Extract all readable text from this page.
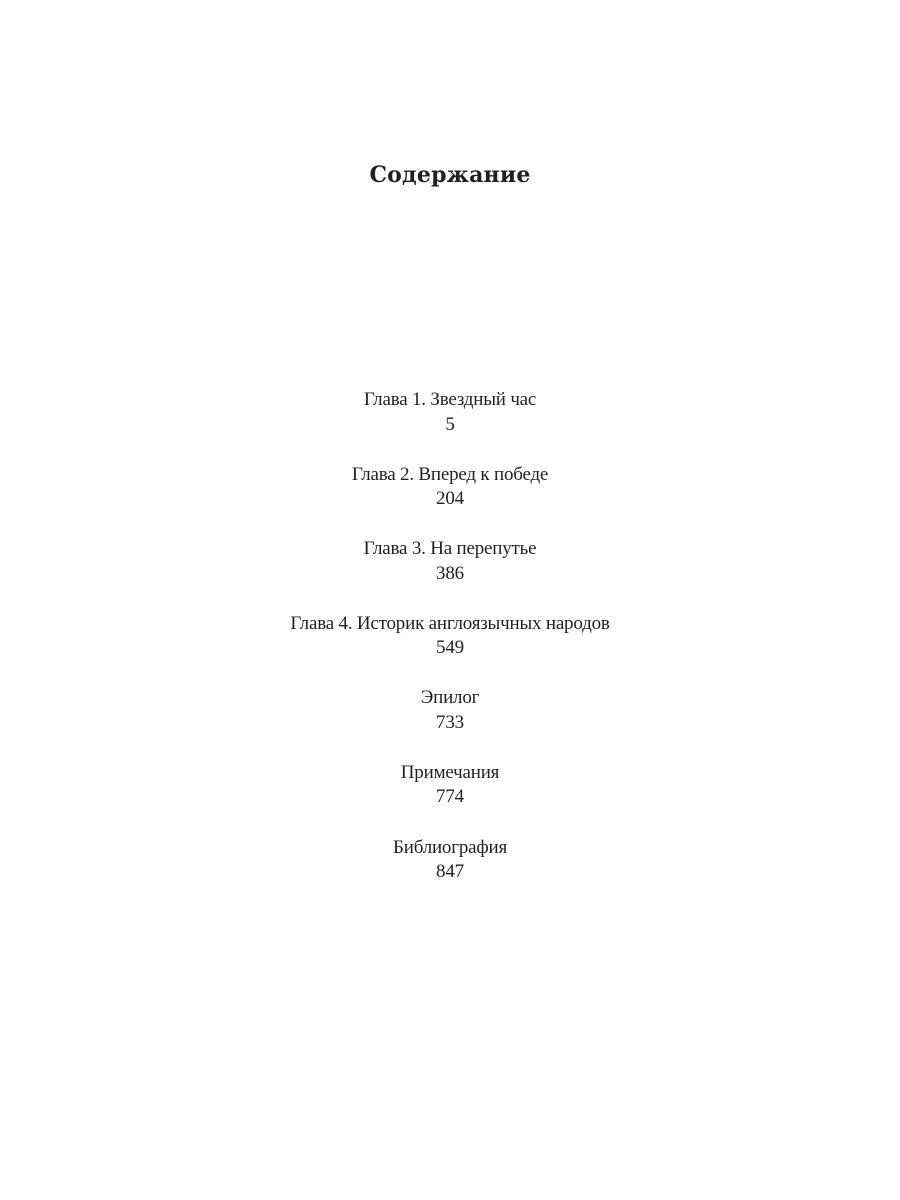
Содержание
Глава 1. Звездный час
5
Глава 2. Вперед к победе
204
Глава 3. На перепутье
386
Глава 4. Историк англоязычных народов
549
Эпилог
733
Примечания
774
Библиография
847
